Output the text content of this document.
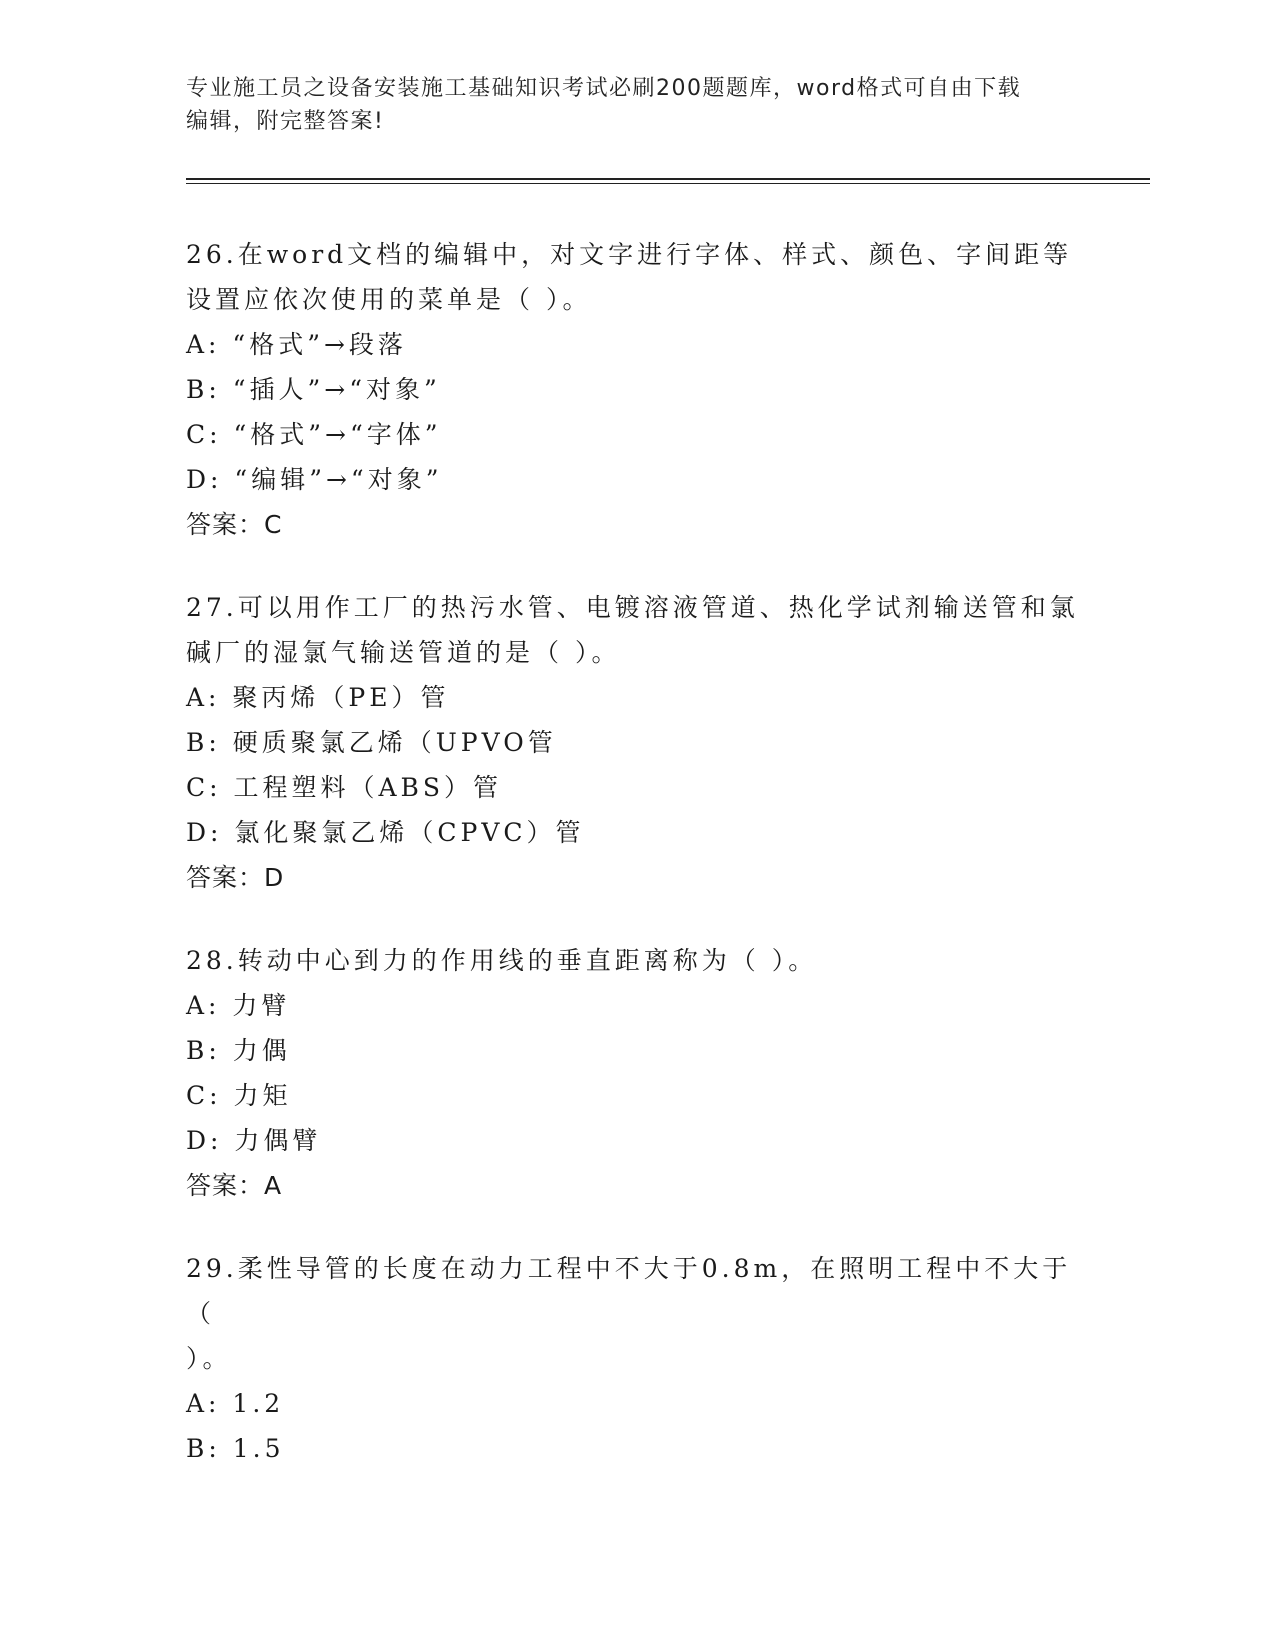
专业施工员之设备安装施工基础知识考试必刷200题题库，word格式可自由下载
编辑，附完整答案!
26.在word文档的编辑中，对文字进行字体、样式、颜色、字间距等
设置应依次使用的菜单是（ ）。
A: “格式”→段落
B: “插人”→“对象”
C: “格式”→“字体”
D: “编辑”→“对象”
答案：C
27.可以用作工厂的热污水管、电镀溶液管道、热化学试剂输送管和氯
碱厂的湿氯气输送管道的是（ ）。
A: 聚丙烯（PE）管
B: 硬质聚氯乙烯（UPVO管
C: 工程塑料（ABS）管
D: 氯化聚氯乙烯（CPVC）管
答案：D
28.转动中心到力的作用线的垂直距离称为（ ）。
A: 力臂
B: 力偶
C: 力矩
D: 力偶臂
答案：A
29.柔性导管的长度在动力工程中不大于0.8m，在照明工程中不大于（
）。
A: 1.2
B: 1.5
